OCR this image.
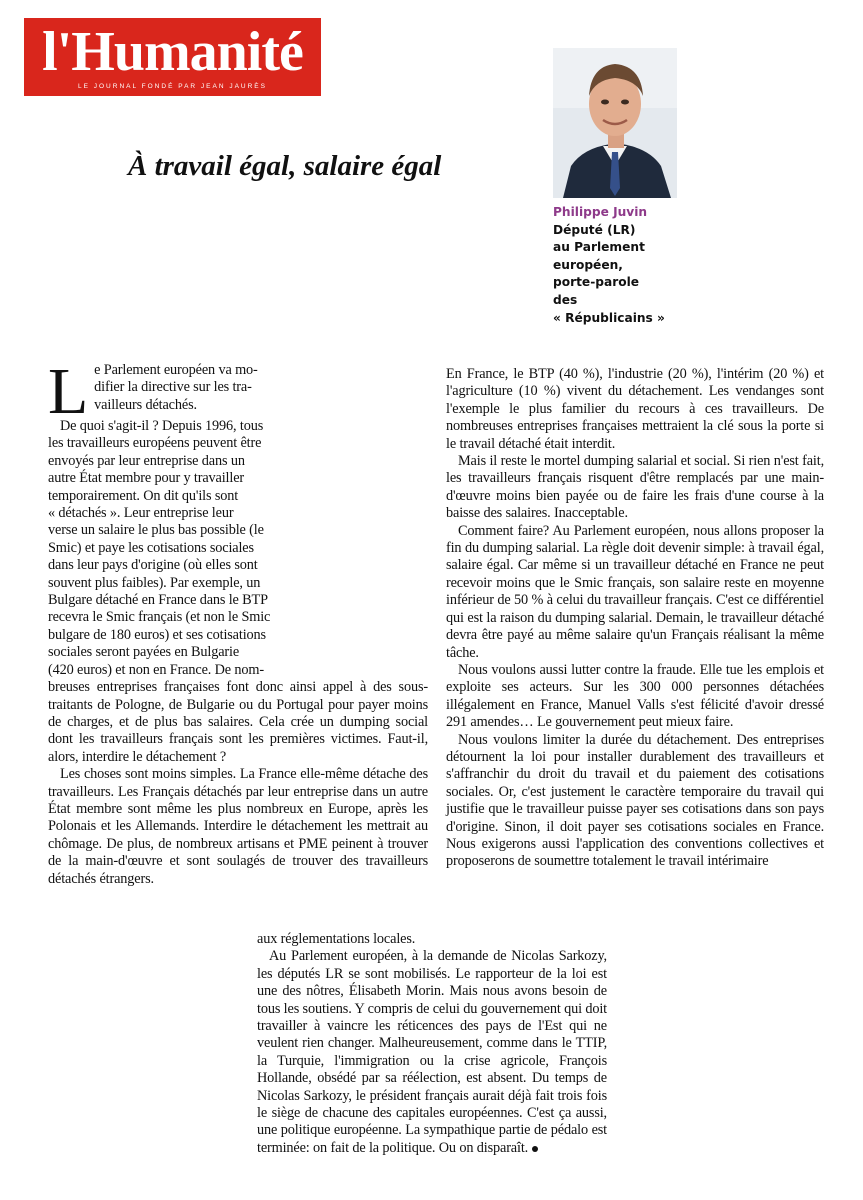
l'Humanité
LE JOURNAL FONDÉ PAR JEAN JAURÈS
À travail égal, salaire égal
Philippe Juvin
Député (LR)
au Parlement
européen,
porte-parole
des
« Républicains »
L e Parlement européen va mo-
difier la directive sur les tra-
vailleurs détachés.
De quoi s'agit-il ? Depuis 1996, tous
les travailleurs européens peuvent être
envoyés par leur entreprise dans un
autre État membre pour y travailler
temporairement. On dit qu'ils sont
« détachés ». Leur entreprise leur
verse un salaire le plus bas possible (le
Smic) et paye les cotisations sociales
dans leur pays d'origine (où elles sont
souvent plus faibles). Par exemple, un
Bulgare détaché en France dans le BTP
recevra le Smic français (et non le Smic
bulgare de 180 euros) et ses cotisations
sociales seront payées en Bulgarie
(420 euros) et non en France. De nom-

breuses entreprises françaises font donc ainsi appel à des sous-traitants de Pologne, de Bulgarie ou du Portugal pour payer moins de charges, et de plus bas salaires. Cela crée un dumping social dont les travailleurs français sont les premières victimes. Faut-il, alors, interdire le détachement ?

Les choses sont moins simples. La France elle-même détache des travailleurs. Les Français détachés par leur entreprise dans un autre État membre sont même les plus nombreux en Europe, après les Polonais et les Allemands. Interdire le détachement les mettrait au chômage. De plus, de nombreux artisans et PME peinent à trouver de la main-d'œuvre et sont soulagés de trouver des travailleurs détachés étrangers.

En France, le BTP (40 %), l'industrie (20 %), l'intérim (20 %) et l'agriculture (10 %) vivent du détachement. Les vendanges sont l'exemple le plus familier du recours à ces travailleurs. De nombreuses entreprises françaises mettraient la clé sous la porte si le travail détaché était interdit.

Mais il reste le mortel dumping salarial et social. Si rien n'est fait, les travailleurs français risquent d'être remplacés par une main-d'œuvre moins bien payée ou de faire les frais d'une course à la baisse des salaires. Inacceptable.

Comment faire? Au Parlement européen, nous allons proposer la fin du dumping salarial. La règle doit devenir simple: à travail égal, salaire égal. Car même si un travailleur détaché en France ne peut recevoir moins que le Smic français, son salaire reste en moyenne inférieur de 50 % à celui du travailleur français. C'est ce différentiel qui est la raison du dumping salarial. Demain, le travailleur détaché devra être payé au même salaire qu'un Français réalisant la même tâche.

Nous voulons aussi lutter contre la fraude. Elle tue les emplois et exploite ses acteurs. Sur les 300 000 personnes détachées illégalement en France, Manuel Valls s'est félicité d'avoir dressé 291 amendes… Le gouvernement peut mieux faire.

Nous voulons limiter la durée du détachement. Des entreprises détournent la loi pour installer durablement des travailleurs et s'affranchir du droit du travail et du paiement des cotisations sociales. Or, c'est justement le caractère temporaire du travail qui justifie que le travailleur puisse payer ses cotisations dans son pays d'origine. Sinon, il doit payer ses cotisations sociales en France. Nous exigerons aussi l'application des conventions collectives et proposerons de soumettre totalement le travail intérimaire

aux réglementations locales.

Au Parlement européen, à la demande de Nicolas Sarkozy, les députés LR se sont mobilisés. Le rapporteur de la loi est une des nôtres, Élisabeth Morin. Mais nous avons besoin de tous les soutiens. Y compris de celui du gouvernement qui doit travailler à vaincre les réticences des pays de l'Est qui ne veulent rien changer. Malheureusement, comme dans le TTIP, la Turquie, l'immigration ou la crise agricole, François Hollande, obsédé par sa réélection, est absent. Du temps de Nicolas Sarkozy, le président français aurait déjà fait trois fois le siège de chacune des capitales européennes. C'est ça aussi, une politique européenne. La sympathique partie de pédalo est terminée: on fait de la politique. Ou on disparaît.
